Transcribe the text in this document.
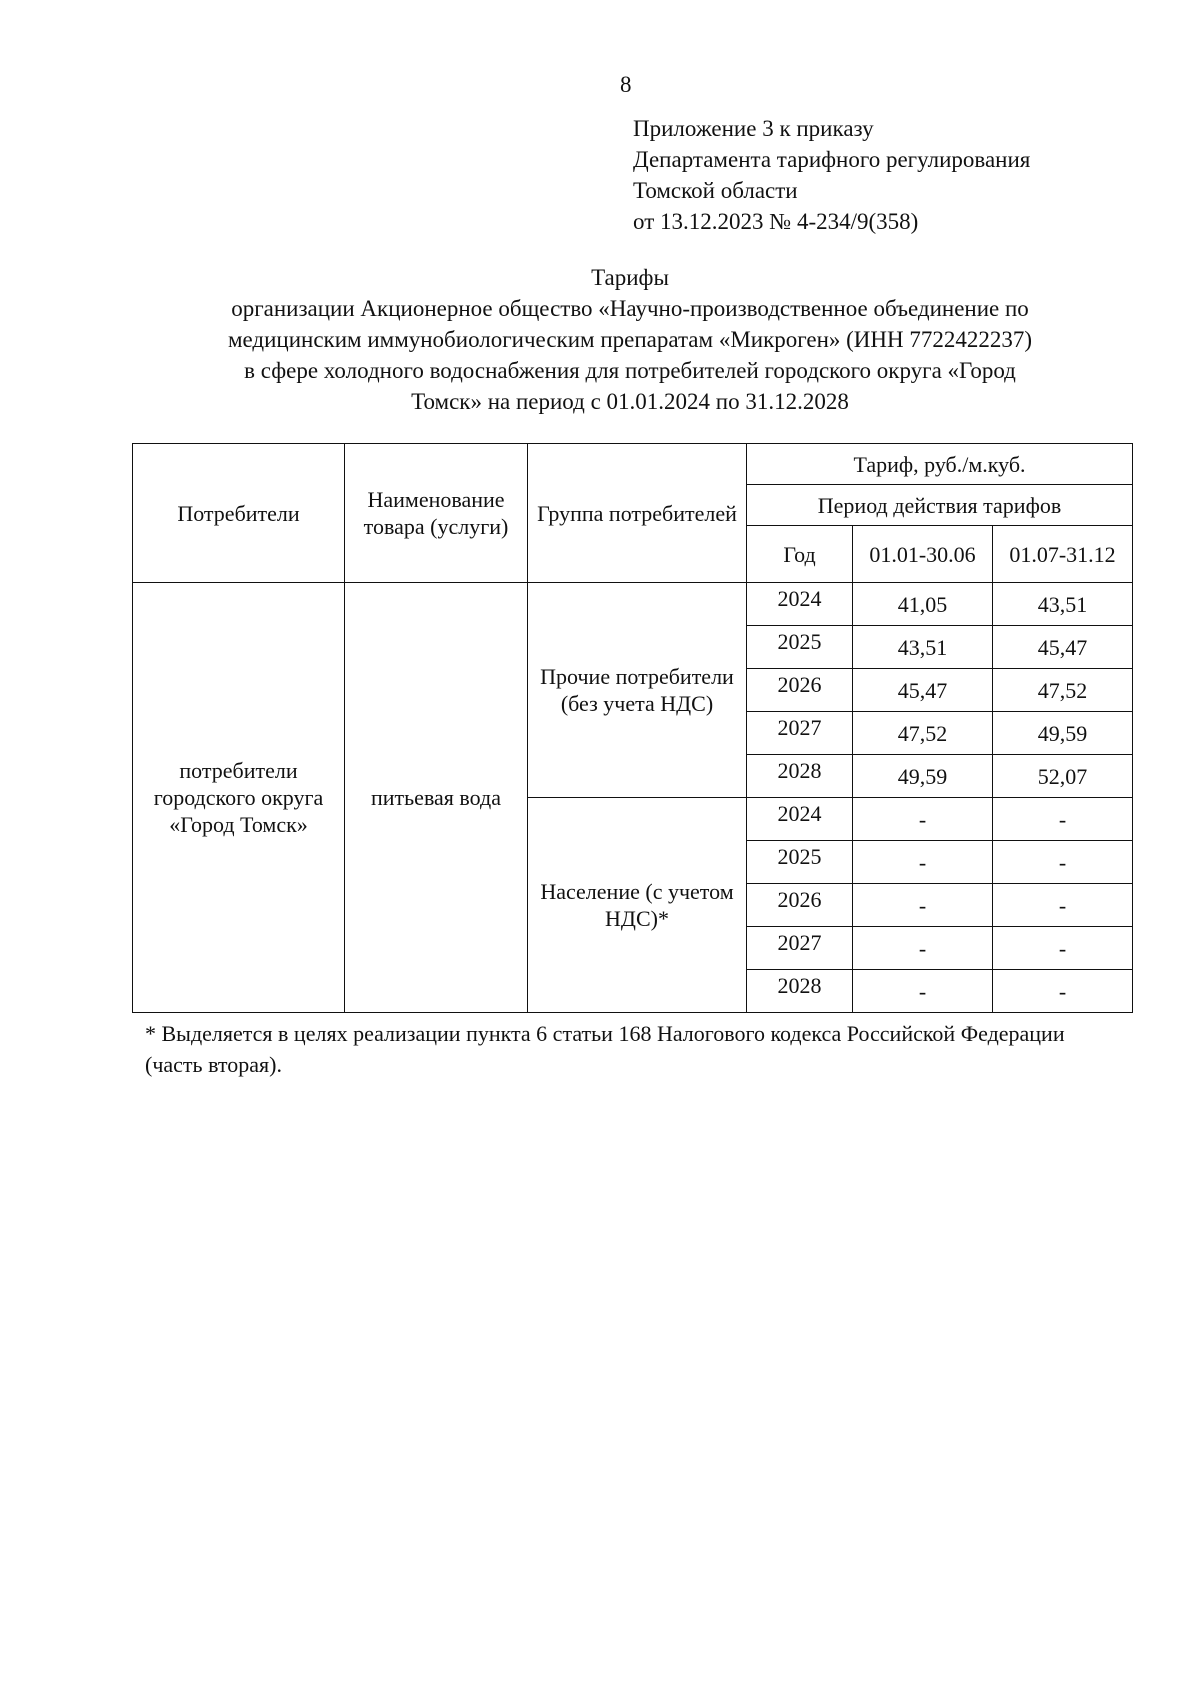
8
Приложение 3 к приказу
Департамента тарифного регулирования
Томской области
от 13.12.2023 № 4-234/9(358)
Тарифы
организации Акционерное общество «Научно-производственное объединение по
медицинским иммунобиологическим препаратам «Микроген» (ИНН 7722422237)
в сфере холодного водоснабжения для потребителей городского округа «Город
Томск» на период с 01.01.2024 по 31.12.2028
Потребители	Наименование товара (услуги)	Группа потребителей	Тариф, руб./м.куб.		
			Период действия тарифов		
			Год	01.01-30.06	01.07-31.12
потребители городского округа «Город Томск»	питьевая вода	Прочие потребители (без учета НДС)	2024	41,05	43,51
			2025	43,51	45,47
			2026	45,47	47,52
			2027	47,52	49,59
			2028	49,59	52,07
		Население (с учетом НДС)*	2024	-	-
			2025	-	-
			2026	-	-
			2027	-	-
			2028	-	-
* Выделяется в целях реализации пункта 6 статьи 168 Налогового кодекса Российской Федерации (часть вторая).
